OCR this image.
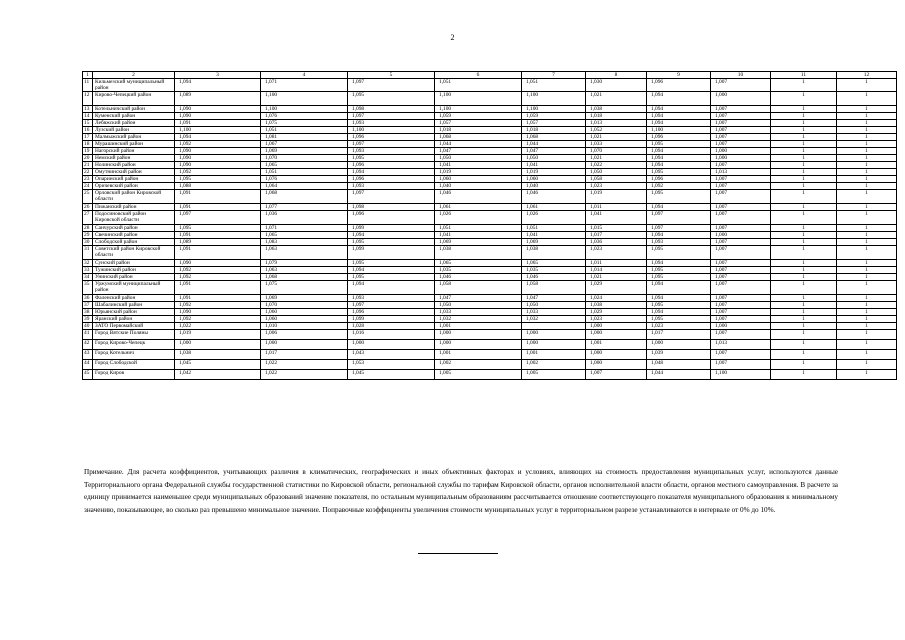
2
1	2	3	4	5	6	7	8	9	10	11	12
11	Кильмезский муниципальный район	1,094	1,071	1,097	1,051	1,051	1,030	1,096	1,007	1	1
12	Кирово-Чепецкий район	1,089	1,100	1,095	1,100	1,100	1,021	1,094	1,000	1	1
13	Котельничский район	1,090	1,100	1,098	1,100	1,100	1,038	1,094	1,007	1	1
14	Куменский район	1,090	1,076	1,097	1,059	1,059	1,018	1,094	1,007	1	1
15	Лебяжский район	1,091	1,075	1,093	1,057	1,057	1,013	1,094	1,007	1	1
16	Лузский район	1,100	1,051	1,100	1,018	1,018	1,052	1,100	1,007	1	1
17	Малмыжский район	1,094	1,081	1,096	1,068	1,068	1,021	1,096	1,007	1	1
18	Мурашинский район	1,092	1,067	1,097	1,044	1,044	1,033	1,095	1,007	1	1
19	Нагорский район	1,090	1,069	1,093	1,047	1,047	1,070	1,094	1,000	1	1
20	Немский район	1,090	1,070	1,095	1,050	1,050	1,021	1,094	1,000	1	1
21	Нолинский район	1,090	1,065	1,096	1,041	1,041	1,022	1,094	1,007	1	1
22	Омутнинский район	1,092	1,051	1,094	1,019	1,019	1,050	1,095	1,013	1	1
23	Опаринский район	1,095	1,076	1,096	1,060	1,060	1,058	1,096	1,007	1	1
24	Оричевский район	1,088	1,064	1,093	1,040	1,040	1,023	1,092	1,007	1	1
25	Орловский район Кировской области	1,091	1,068	1,097	1,046	1,046	1,019	1,095	1,007	1	1
26	Пижанский район	1,091	1,077	1,098	1,061	1,061	1,011	1,094	1,007	1	1
27	Подосиновский район Кировской области	1,097	1,036	1,096	1,026	1,026	1,041	1,097	1,007	1	1
28	Санчурский район	1,095	1,071	1,099	1,051	1,051	1,015	1,097	1,007	1	1
29	Свечинский район	1,091	1,065	1,094	1,041	1,041	1,017	1,094	1,000	1	1
30	Слободской район	1,089	1,083	1,095	1,069	1,069	1,036	1,093	1,007	1	1
31	Советский район Кировской области	1,091	1,063	1,099	1,038	1,038	1,023	1,095	1,007	1	1
32	Сунский район	1,090	1,079	1,095	1,065	1,065	1,011	1,094	1,007	1	1
33	Тужинский район	1,092	1,063	1,094	1,035	1,035	1,014	1,095	1,007	1	1
34	Унинский район	1,092	1,068	1,095	1,046	1,046	1,021	1,095	1,007	1	1
35	Уржумский муниципальный район	1,091	1,075	1,094	1,058	1,058	1,029	1,094	1,007	1	1
36	Фаленский район	1,091	1,069	1,093	1,047	1,047	1,024	1,094	1,007	1	1
37	Шабалинский район	1,092	1,070	1,097	1,050	1,050	1,038	1,095	1,007	1	1
38	Юрьянский район	1,090	1,060	1,096	1,033	1,033	1,029	1,094	1,007	1	1
39	Яранский район	1,092	1,060	1,099	1,032	1,032	1,023	1,095	1,007	1	1
40	ЗАТО Первомайский	1,022	1,010	1,028	1,001		1,000	1,023	1,000	1	1
41	Город Вятские Поляны	1,019	1,006	1,016	1,000	1,000	1,000	1,017	1,007	1	1
42	Город Кирово-Чепецк	1,000	1,000	1,000	1,000	1,000	1,001	1,000	1,013	1	1
43	Город Котельнич	1,038	1,017	1,043	1,001	1,001	1,000	1,039	1,007	1	1
44	Город Слободской	1,045	1,022	1,053	1,002	1,002	1,000	1,048	1,007	1	1
45	Город Киров	1,042	1,022	1,045	1,005	1,005	1,007	1,044	1,100	1	1
Примечание. Для расчета коэффициентов, учитывающих различия в климатических, географических и иных объективных факторах и условиях, влияющих на стоимость предоставления муниципальных услуг, используются данные Территориального органа Федеральной службы государственной статистики по Кировской области, региональной службы по тарифам Кировской области, органов исполнительной власти области, органов местного самоуправления. В расчете за единицу принимается наименьшее среди муниципальных образований значение показателя, по остальным муниципальным образованиям рассчитывается отношение соответствующего показателя муниципального образования к минимальному значению, показывающее, во сколько раз превышено минимальное значение. Поправочные коэффициенты увеличения стоимости муниципальных услуг в территориальном разрезе устанавливаются в интервале от 0% до 10%.
